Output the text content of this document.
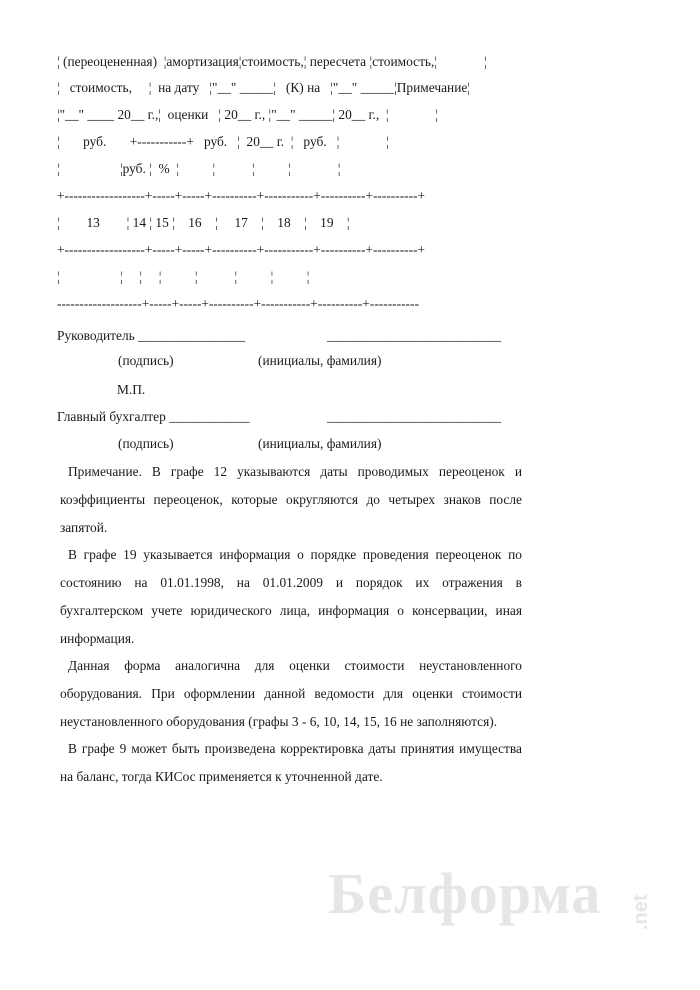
¦ (переоцененная)  ¦амортизация¦стоимость,¦ пересчета ¦стоимость,¦              ¦
¦   стоимость,     ¦  на дату   ¦"__" _____¦   (К) на   ¦"__" _____¦Примечание¦
¦"__" ____ 20__ г.,¦  оценки   ¦ 20__ г., ¦"__" _____¦ 20__ г.,  ¦              ¦
¦       руб.       +-----------+   руб.   ¦  20__ г.  ¦   руб.   ¦              ¦
¦                  ¦руб. ¦  %  ¦          ¦           ¦          ¦              ¦
+------------------+-----+-----+----------+-----------+----------+----------+
¦        13        ¦ 14 ¦ 15 ¦    16    ¦     17    ¦    18    ¦    19    ¦
+------------------+-----+-----+----------+-----------+----------+----------+
¦                  ¦     ¦     ¦          ¦           ¦          ¦          ¦
-------------------+-----+-----+----------+-----------+----------+-----------
Руководитель ________________	__________________________
(подпись)	(инициалы, фамилия)
М.П.
Главный бухгалтер ____________	__________________________
(подпись)	(инициалы, фамилия)
Примечание. В графе 12 указываются даты проводимых переоценок и коэффициенты переоценок, которые округляются до четырех знаков после запятой.
В графе 19 указывается информация о порядке проведения переоценок по состоянию на 01.01.1998, на 01.01.2009 и порядок их отражения в бухгалтерском учете юридического лица, информация о консервации, иная информация.
Данная форма аналогична для оценки стоимости неустановленного оборудования. При оформлении данной ведомости для оценки стоимости неустановленного оборудования (графы 3 - 6, 10, 14, 15, 16 не заполняются).
В графе 9 может быть произведена корректировка даты принятия имущества на баланс, тогда КИСос применяется к уточненной дате.
Белформа .net
